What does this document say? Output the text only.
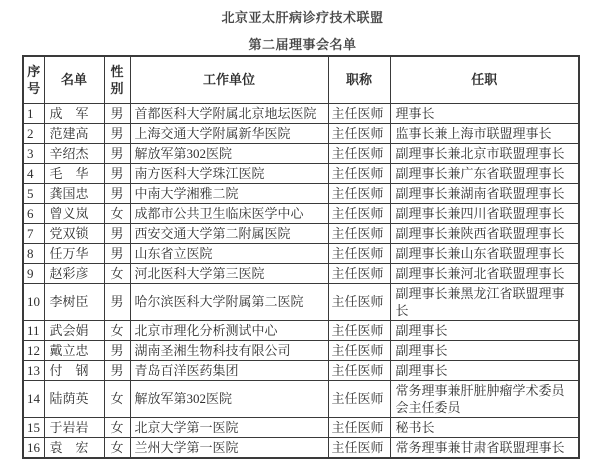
北京亚太肝病诊疗技术联盟
第二届理事会名单
序号	名单	性别	工作单位	职称	任职
1	成　军	男	首都医科大学附属北京地坛医院	主任医师	理事长
2	范建高	男	上海交通大学附属新华医院	主任医师	监事长兼上海市联盟理事长
3	辛绍杰	男	解放军第302医院	主任医师	副理事长兼北京市联盟理事长
4	毛　华	男	南方医科大学珠江医院	主任医师	副理事长兼广东省联盟理事长
5	龚国忠	男	中南大学湘雅二院	主任医师	副理事长兼湖南省联盟理事长
6	曾义岚	女	成都市公共卫生临床医学中心	主任医师	副理事长兼四川省联盟理事长
7	党双锁	男	西安交通大学第二附属医院	主任医师	副理事长兼陕西省联盟理事长
8	任万华	男	山东省立医院	主任医师	副理事长兼山东省联盟理事长
9	赵彩彦	女	河北医科大学第三医院	主任医师	副理事长兼河北省联盟理事长
10	李树臣	男	哈尔滨医科大学附属第二医院	主任医师	副理事长兼黑龙江省联盟理事长
11	武会娟	女	北京市理化分析测试中心	主任医师	副理事长
12	戴立忠	男	湖南圣湘生物科技有限公司	主任医师	副理事长
13	付　钢	男	青岛百洋医药集团	主任医师	副理事长
14	陆荫英	女	解放军第302医院	主任医师	常务理事兼肝脏肿瘤学术委员会主任委员
15	于岩岩	女	北京大学第一医院	主任医师	秘书长
16	袁　宏	女	兰州大学第一医院	主任医师	常务理事兼甘肃省联盟理事长
